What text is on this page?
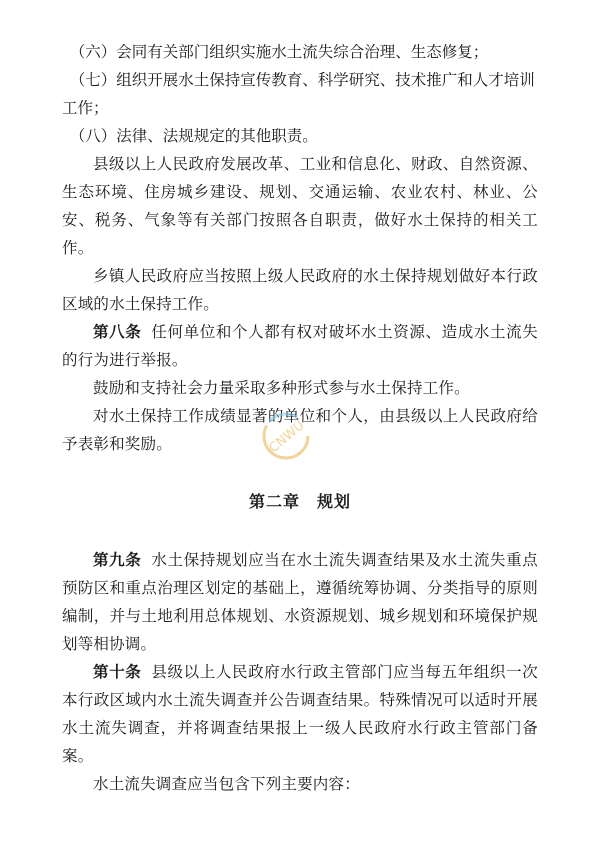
（六）会同有关部门组织实施水土流失综合治理、生态修复；

（七）组织开展水土保持宣传教育、科学研究、技术推广和人才培训工作；

（八）法律、法规规定的其他职责。

县级以上人民政府发展改革、工业和信息化、财政、自然资源、生态环境、住房城乡建设、规划、交通运输、农业农村、林业、公安、税务、气象等有关部门按照各自职责，做好水土保持的相关工作。

乡镇人民政府应当按照上级人民政府的水土保持规划做好本行政区域的水土保持工作。

第八条 任何单位和个人都有权对破坏水土资源、造成水土流失的行为进行举报。

鼓励和支持社会力量采取多种形式参与水土保持工作。

对水土保持工作成绩显著的单位和个人，由县级以上人民政府给予表彰和奖励。

第二章　规划

第九条 水土保持规划应当在水土流失调查结果及水土流失重点预防区和重点治理区划定的基础上，遵循统筹协调、分类指导的原则编制，并与土地利用总体规划、水资源规划、城乡规划和环境保护规划等相协调。

第十条 县级以上人民政府水行政主管部门应当每五年组织一次本行政区域内水土流失调查并公告调查结果。特殊情况可以适时开展水土流失调查，并将调查结果报上一级人民政府水行政主管部门备案。

水土流失调查应当包含下列主要内容：

CNWU
